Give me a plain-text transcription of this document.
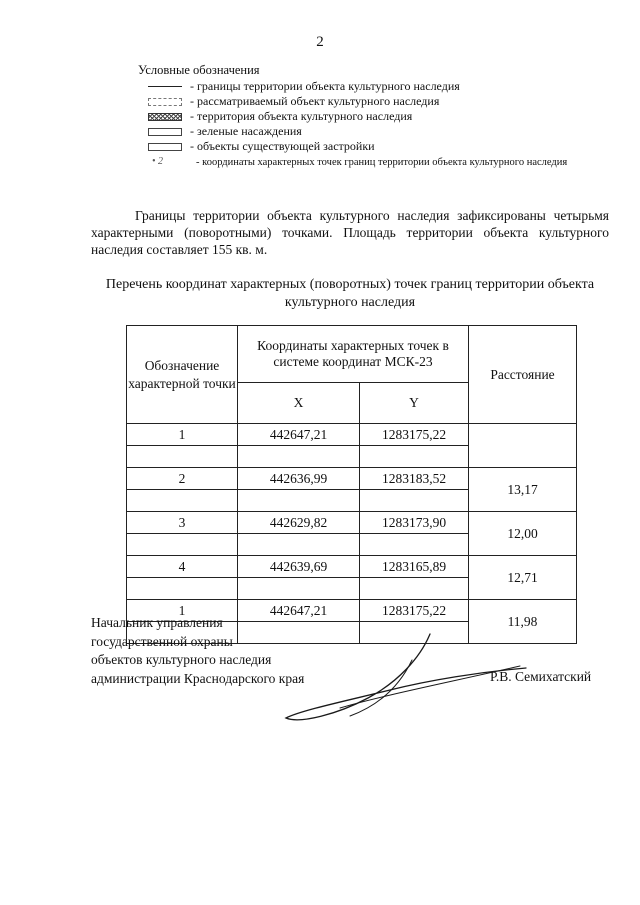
2
Условные обозначения
- границы территории объекта культурного наследия
- рассматриваемый объект культурного наследия
- территория объекта культурного наследия
- зеленые насаждения
- объекты существующей застройки
• 2	- координаты характерных точек границ территории объекта культурного наследия
Границы территории объекта культурного наследия зафиксированы четырьмя характерными (поворотными) точками. Площадь территории объекта культурного наследия составляет 155 кв. м.
Перечень координат характерных (поворотных) точек границ территории объекта культурного наследия
Обозначение характерной точки	Координаты характерных точек в системе координат МСК-23		Расстояние
	X	Y	
1	442647,21	1283175,22	

2	442636,99	1283183,52	13,17

3	442629,82	1283173,90	12,00

4	442639,69	1283165,89	12,71

1	442647,21	1283175,22	11,98

Начальник управления
государственной охраны
объектов культурного наследия
администрации Краснодарского края	Р.В. Семихатский
